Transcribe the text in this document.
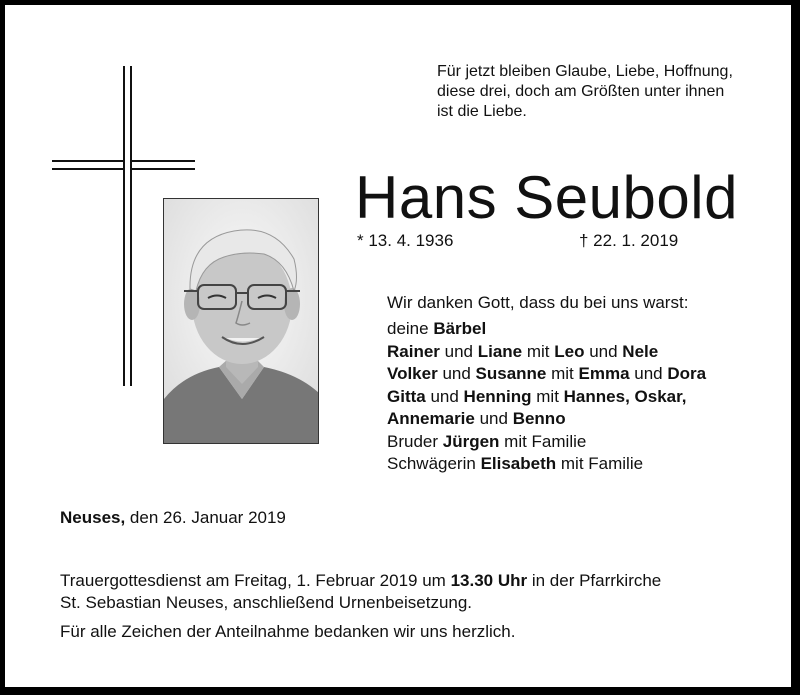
Für jetzt bleiben Glaube, Liebe, Hoffnung,
diese drei, doch am Größten unter ihnen
ist die Liebe.
Hans Seubold
* 13. 4. 1936	† 22. 1. 2019
Wir danken Gott, dass du bei uns warst:
deine Bärbel
Rainer und Liane mit Leo und Nele
Volker und Susanne mit Emma und Dora
Gitta und Henning mit Hannes, Oskar,
Annemarie und Benno
Bruder Jürgen mit Familie
Schwägerin Elisabeth mit Familie
Neuses, den 26. Januar 2019
Trauergottesdienst am Freitag, 1. Februar 2019 um 13.30 Uhr in der Pfarrkirche
St. Sebastian Neuses, anschließend Urnenbeisetzung.
Für alle Zeichen der Anteilnahme bedanken wir uns herzlich.
